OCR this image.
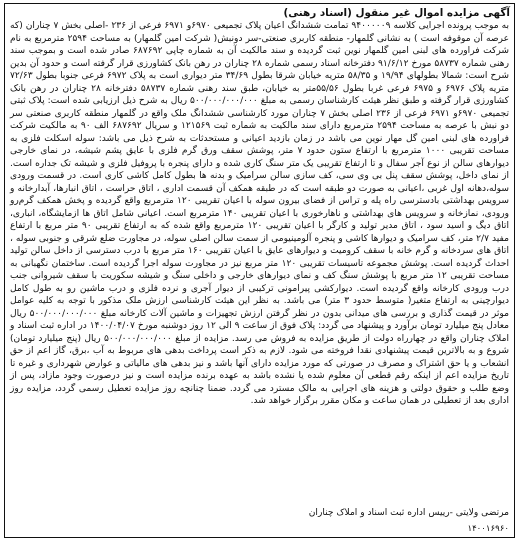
آگهی مزایده اموال غیر منقول (اسناد رهنی)
به موجب پرونده اجرایی کلاسه ۹۴۰۰۰۰۰۹ تمامت ششدانگ اعیان پلاک تجمیعی ۶۹۷۰و ۶۹۷۱ فرعی از ۲۳۶ -اصلی بخش ۷ چناران (که عرصه آن موقوفه است ) به نشانی گلمهار- منطقه کاربری صنعتی-سر دونبش( شرکت امین گلمهار) به مساحت ۲۵۹۴ مترمربع به نام شرکت فراورده های لبنی امین گلمهار نوین ثبت گردیده و سند مالکیت آن به شماره چاپی ۶۸۷۶۹۲ صادر شده است و بموجب سند رهنی شماره ۵۸۷۳۷ مورخ ۹۱/۶/۱۲ دفترخانه اسناد رسمی شماره ۲۸ چناران در رهن بانک کشاورزی قرار گرفته است و حدود آن بدین شرح است: شمالا بطولهای ۱۹/۹۴ و ۵۸/۳۵ متریه خیابان شرقا بطول ۳۴/۶۹ متر دیواری است به پلاک ۶۹۷۲ فرعی جنوبا بطول ۷۲/۶۳ متریه پلاک ۶۹۷۶ و ۶۹۷۵ فرعی غربا بطول ۵۵/۵۶متر به خیابان، طبق سند رهنی شماره ۵۸۷۳۷ دفترخانه ۲۸ چناران در رهن بانک کشاورزی قرار گرفته و طبق نظر هیئت کارشناسان رسمی به مبلغ ۵۰۰/۰۰۰/۰۰۰/۰۰۰ ریال به شرح ذیل ارزیابی شده است: پلاک ثبتی تجمیعی ۶۹۷۰و ۶۹۷۱ فرعی از ۲۳۶ اصلی بخش ۷ چناران مورد کارشناسی ششدانگ ملک واقع در گلمهار منطقه کاربری صنعتی سر دو نبش با عرصه به مساحت ۲۵۹۴ مترمربع دارای سند مالکیت به شماره ثبت ۱۲۱۵۶۹ و سریال ۶۸۷۶۹۲ الف ۹۰ به مالکیت شرکت فراورده های لبنی امین گل مهار نوین می باشد در زمان بازدید اعیانی و مستحدثات به شرح ذیل می باشد: سوله اسکلت فلزی به مساحت تقریبی ۱۰۰۰ مترمربع با ارتفاع ستون حدود ۷ متر، پوشش سقف ورق گرم فلزی با عایق پشم شیشه، در نمای خارجی دیوارهای سالن از نوع آجر سفال و تا ارتفاع تقریبی یک متر سنگ کاری شده و دارای پنجره با پروفیل فلزی و شیشه تک جداره است. از نمای داخل، پوشش سقف پنل بی وی سی، کف سازی سالن سرامیک و بدنه ها بطول کامل کاشی کاری است. در قسمت ورودی سوله،دهانه اول غربی ،اعیانی به صورت دو طبقه است که در طبقه همکف آن قسمت اداری ، اتاق حراست ، اتاق انبارها، آبدارخانه و سرویس بهداشتی بادسترسی راه پله و تراس از فضای بیرون سوله با اعیان تقریبی ۱۲۰ مترمربع واقع گردیده و پخش همکف گرم‌رو ورودی، نمازخانه و سرویس های بهداشتی و ناهارخوری با اعیان تقریبی ۱۴۰ مترمربع است. اعیانی شامل اتاق ها ازمایشگاه، انباری، اتاق دیگ و اسید سود ، اتاق مدیر تولید و کارگر با اعیان تقریبی ۱۲۰ مترمربع واقع شده که به ارتفاع تقریبی ۹۰ متر مربع با ارتفاع مفید ۲/۷ متر، کف سرامیک و دیوارها کاشی و پنجره آلومینیومی از سمت سالن اصلی سوله، در مجاورت ضلع شرقی و جنوبی سوله ، اتاق های سردخانه و گرم خانه با سقف کرومیت و دیوارهای عایق با اعیان تقریبی ۱۶۰ متر مربع با درب دسترسی از داخل سالن تولید احداث گردیده است. پوشش مجموعه تاسیسات تقریبی ۱۲۰ متر مربع نیز در مجاورت سوله اجرا گردیده است. ساختمان نگهبانی به مساحت تقریبی ۱۲ متر مربع با پوشش سنگ کف و نمای دیوارهای خارجی و داخلی سنگ و شیشه سکوریت با سقف شیروانی جنب درب ورودی کارخانه واقع گردیده است. دیوارکشی پیرامونی ترکیبی از دیوار آجری و نرده فلزی و درب ماشین رو به طول کامل دیوارچینی به ارتفاع متغیر( متوسط حدود ۳ متر) می باشد. به نظر این هیئت کارشناسی ارزش ملک مذکور با توجه به کلیه عوامل موثر در قیمت گذاری و بررسی های میدانی بدون در نظر گرفتن ارزش تجهیزات و ماشین آلات کارخانه مبلغ ۵۰۰/۰۰۰/۰۰۰/۰۰۰ ریال معادل پنج میلیارد تومان برآورد و پیشنهاد می گردد: پلاک فوق از ساعت ۹ الی ۱۲ روز دوشنبه مورخ ۱۴۰۰/۰۴/۰۷ در اداره ثبت اسناد و املاک چناران واقع در چهارراه دولت از طریق مزایده به فروش می رسد. مزایده از مبلغ ۵۰۰/۰۰۰/۰۰۰/۰۰۰ ریال (پنج میلیارد تومان) شروع و به بالاترین قیمت پیشنهادی نقدا فروخته می شود. لازم به ذکر است پرداخت بدهی های مربوط به آب ،برق، گاز اعم از حق انشعاب و یا حق اشتراک و مصرف در صورتی که مورد مزایده دارای آنها باشد و نیز بدهی های مالیاتی و عوارض شهرداری و غیره تا تاریخ مزایده اعم از اینکه رقم قطعی آن معلوم شده یا نشده باشد به عهده برنده مزایده است و نیز درصورت وجود مازاد، پس از وضع طلب و حقوق دولتی و هزینه های اجرایی به مالک مسترد می گردد. ضمنا چنانچه روز مزایده تعطیل رسمی گردد، مزایده روز اداری بعد از تعطیلی در همان ساعت و مکان مقرر برگزار خواهد شد.
مرتضی ولایتی -رییس اداره ثبت اسناد و املاک چناران
۱۴۰۰۱۶۹۶۰
